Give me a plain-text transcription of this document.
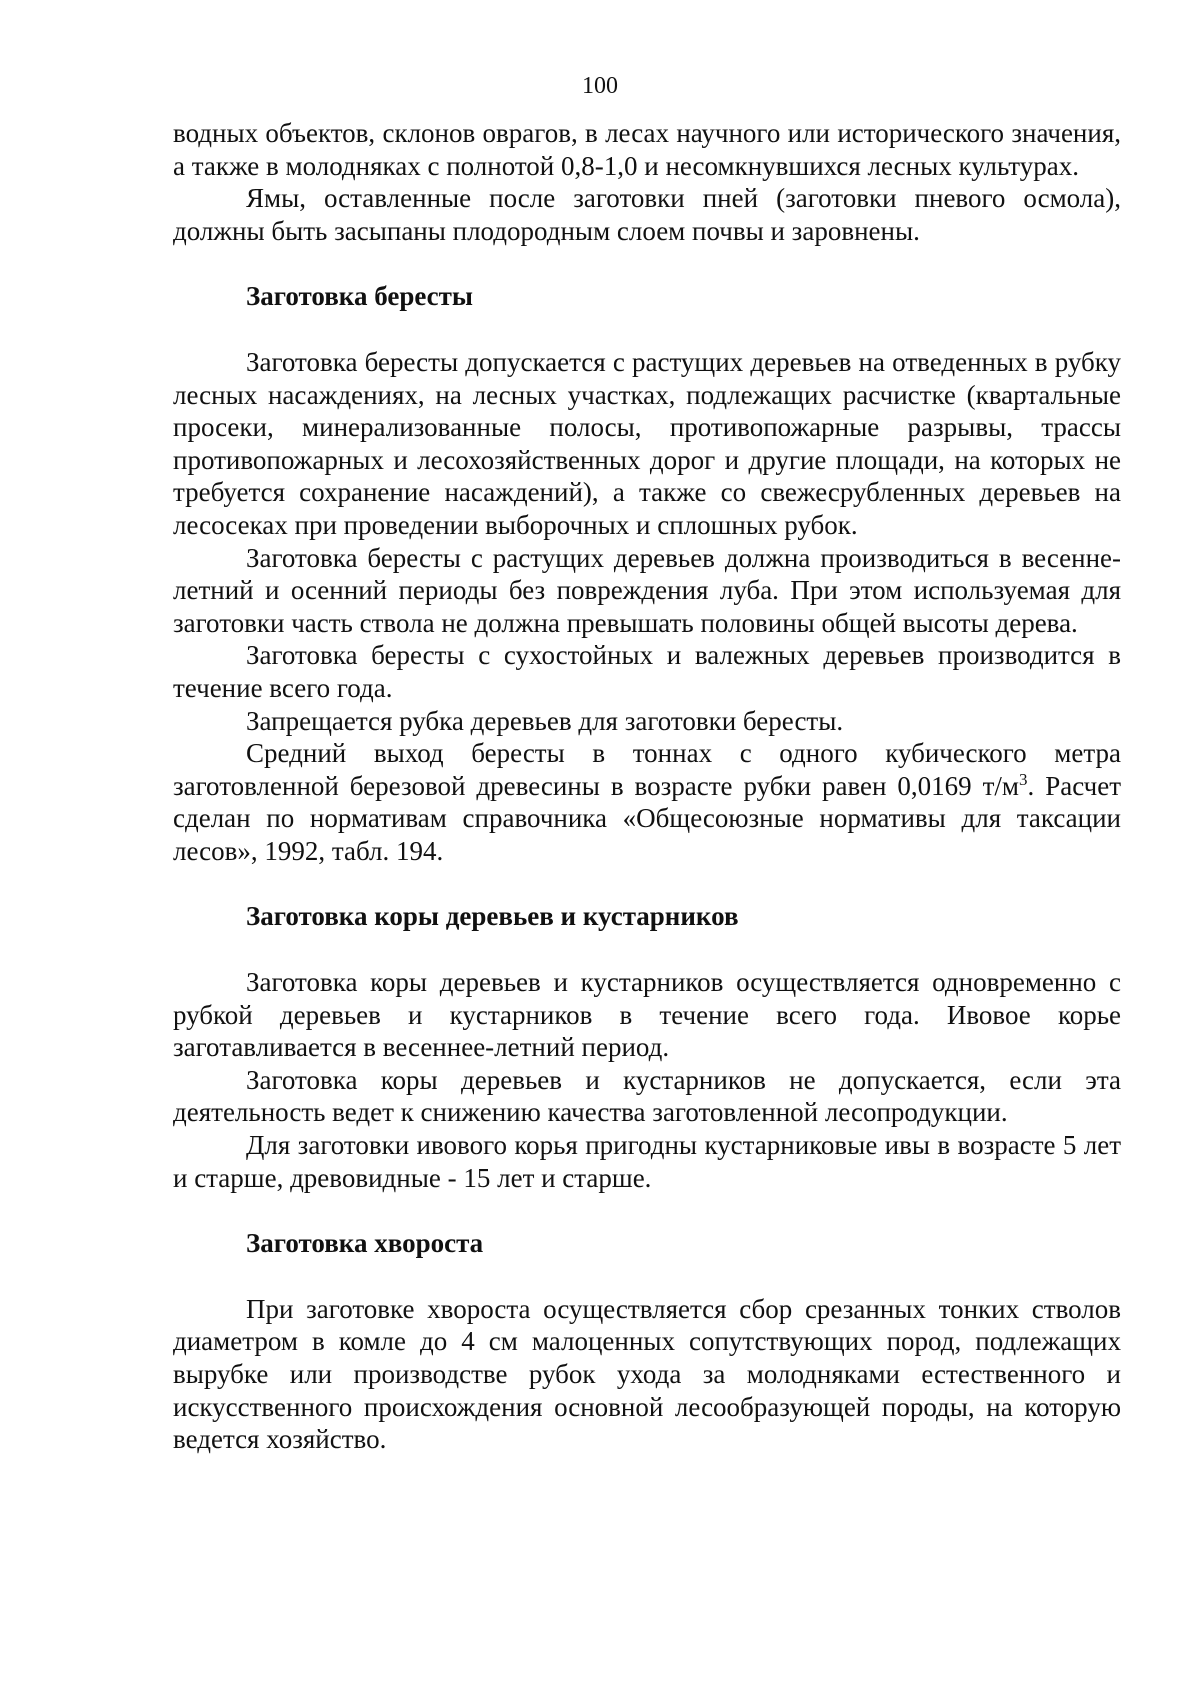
100

водных объектов, склонов оврагов, в лесах научного или исторического значения, а также в молодняках с полнотой 0,8-1,0 и несомкнувшихся лесных культурах.

Ямы, оставленные после заготовки пней (заготовки пневого осмола), должны быть засыпаны плодородным слоем почвы и заровнены.

Заготовка бересты

Заготовка бересты допускается с растущих деревьев на отведенных в рубку лесных насаждениях, на лесных участках, подлежащих расчистке (квартальные просеки, минерализованные полосы, противопожарные разрывы, трассы противопожарных и лесохозяйственных дорог и другие площади, на которых не требуется сохранение насаждений), а также со свежесрубленных деревьев на лесосеках при проведении выборочных и сплошных рубок.

Заготовка бересты с растущих деревьев должна производиться в весенне-летний и осенний периоды без повреждения луба. При этом используемая для заготовки часть ствола не должна превышать половины общей высоты дерева.

Заготовка бересты с сухостойных и валежных деревьев производится в течение всего года.

Запрещается рубка деревьев для заготовки бересты.

Средний выход бересты в тоннах с одного кубического метра заготовленной березовой древесины в возрасте рубки равен 0,0169 $т/м^3$. Расчет сделан по нормативам справочника «Общесоюзные нормативы для таксации лесов», 1992, табл. 194.

Заготовка коры деревьев и кустарников

Заготовка коры деревьев и кустарников осуществляется одновременно с рубкой деревьев и кустарников в течение всего года. Ивовое корье заготавливается в весеннее-летний период.

Заготовка коры деревьев и кустарников не допускается, если эта деятельность ведет к снижению качества заготовленной лесопродукции.

Для заготовки ивового корья пригодны кустарниковые ивы в возрасте 5 лет и старше, древовидные - 15 лет и старше.

Заготовка хвороста

При заготовке хвороста осуществляется сбор срезанных тонких стволов диаметром в комле до 4 см малоценных сопутствующих пород, подлежащих вырубке или производстве рубок ухода за молодняками естественного и искусственного происхождения основной лесообразующей породы, на которую ведется хозяйство.
